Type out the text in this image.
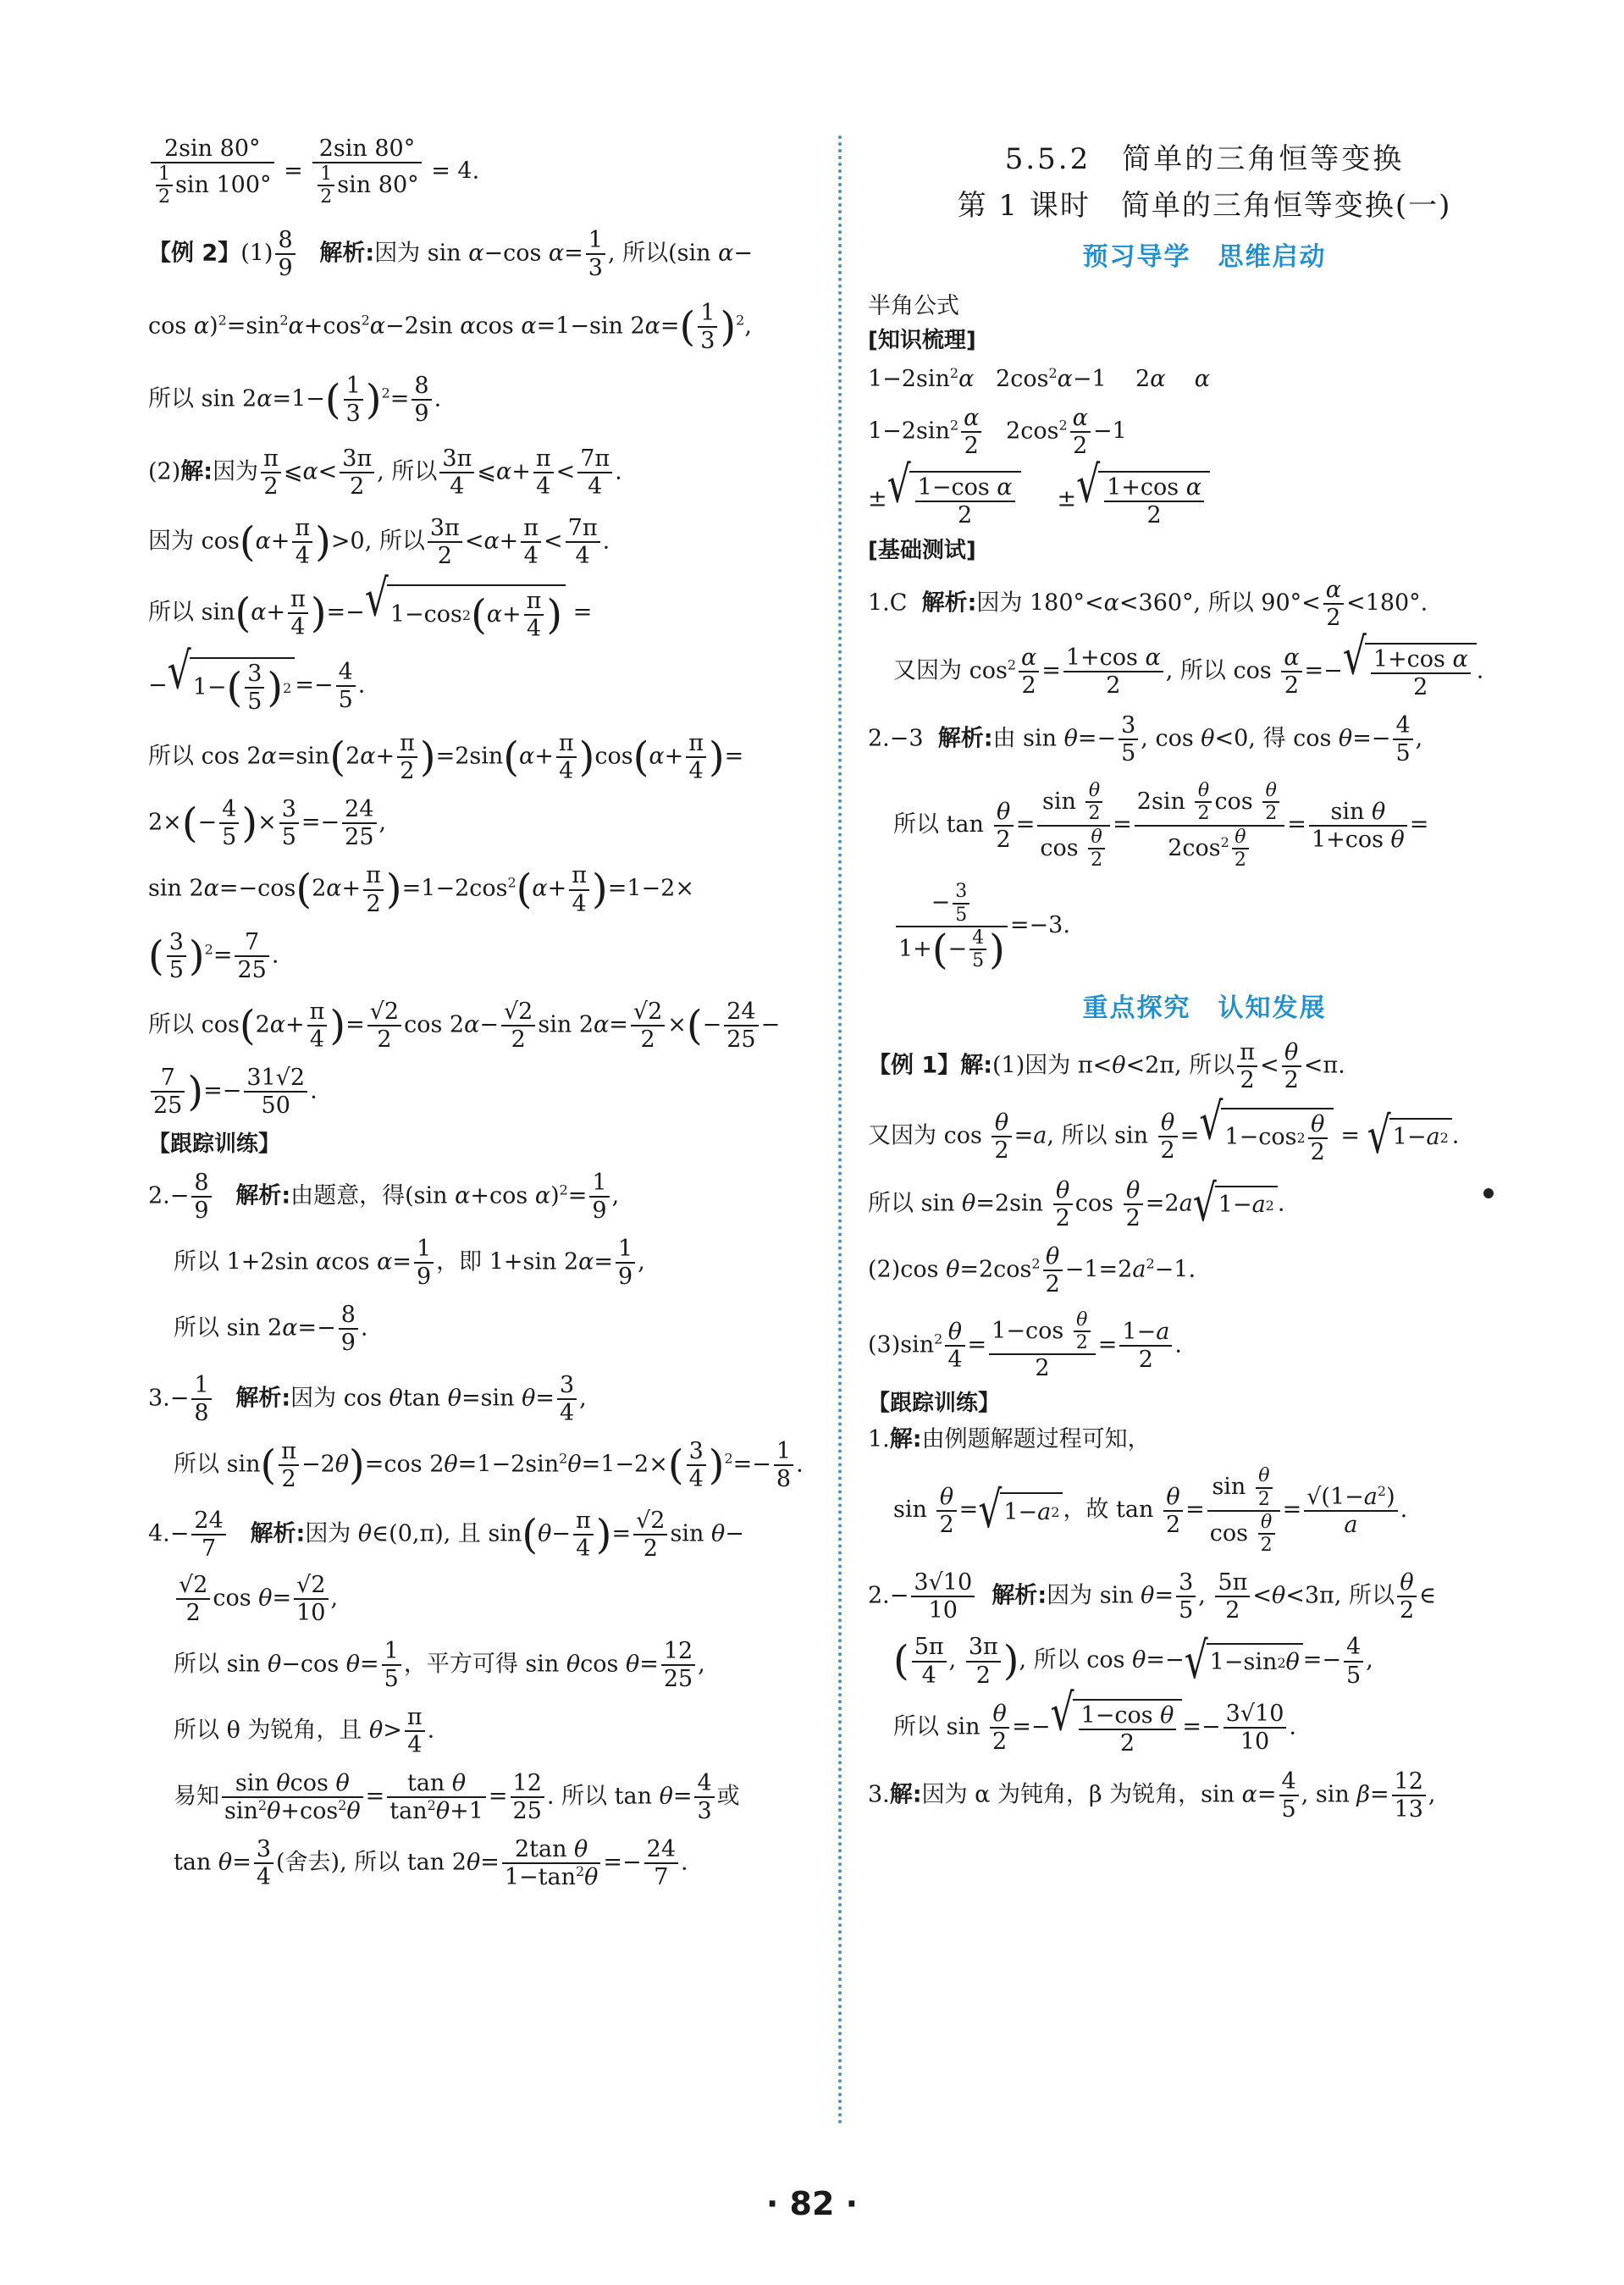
$\frac{2\sin 80^\circ}{\frac{1}{2} \sin 100^\circ} = \frac{2\sin 80^\circ}{\frac{1}{2} \sin 80^\circ} = 4$.
【例 2】$(1) \frac{8}{9}$ 解析:因为 sin α−cos $\alpha= \frac{1}{3}$ , 所以(sin α−
$\cos \alpha)^2=\sin^2\alpha+\cos^2\alpha-2\sin$ αcos α=1−sin $2\alpha=( \frac{1}{3} )^2$,
所以 $\sin 2\alpha=1-( \frac{1}{3} )^2= \frac{8}{9}$ .
(2)解:因为 $\frac{\pi}{2}$ ⩽α< $\frac{3\pi}{2}$ , 所以 $\frac{3\pi}{4}$ ⩽α+ $\frac{\pi}{4} < \frac{7\pi}{4}$ .
因为 $\cos(\alpha+ \frac{\pi}{4} )>0$, 所以 $\frac{3\pi}{2} <\alpha+ \frac{\pi}{4} < \frac{7\pi}{4}$ .
所以 $\sin(\alpha+ \frac{\pi}{4}$ )=− √ 1−cos 2 ( α +
π
4 ) =
− √ 1− ( 3
5 ) $2 =- \frac{4}{5}$ .
所以 $\cos 2\alpha=\sin(2\alpha+ \frac{\pi}{2} )=2\sin(\alpha+ \frac{\pi}{4} )\cos(\alpha+ \frac{\pi}{4}$ )=
$2\times(- \frac{4}{5}$ )× $\frac{3}{5} =- \frac{24}{25}$ ,
$\sin 2\alpha=-\cos(2\alpha+ \frac{\pi}{2} )=1-2\cos^2(\alpha+ \frac{\pi}{4} )=1-2\times$
( $\frac{3}{5} )^2= \frac{7}{25}$ .
所以 $\cos(2\alpha+ \frac{\pi}{4}$ )= $\frac{√2}{2}$ $\cos 2\alpha- \frac{√2}{2}$ $\sin 2\alpha= \frac{√2}{2}$ ×(− $\frac{24}{25}$ −
$\frac{7}{25}$ )=− $\frac{31√2}{50}$ .
【跟踪训练】
$2.- \frac{8}{9}$ 解析:由题意，得(sin α+cos $\alpha)^2= \frac{1}{9}$ ,
所以 1+2sin αcos $\alpha= \frac{1}{9}$ ，即 1+sin $2\alpha= \frac{1}{9}$ ,
所以 $\sin 2\alpha=- \frac{8}{9}$ .
$3.- \frac{1}{8}$ 解析:因为 cos θtan θ=sin $\theta= \frac{3}{4}$ ,
所以 $\sin( \frac{\pi}{2} -2\theta)=\cos$ $2\theta=1-2\sin^2\theta=1-2\times( \frac{3}{4} )^2=- \frac{1}{8}$ .
$4.- \frac{24}{7}$ 解析:因为 θ∈(0,π), 且 $\sin(\theta- \frac{\pi}{4}$ )= $\frac{√2}{2}$ sin θ−
$\frac{√2}{2}$ $\cos \theta= \frac{√2}{10}$ ,
所以 sin θ−cos $\theta= \frac{1}{5}$ ，平方可得 sin θcos $\theta= \frac{12}{25}$ ,
所以 θ 为锐角，且 $\theta> \frac{\pi}{4}$ .
易知 $\frac{\text{sin θcos θ}}{\sin^2\theta+\cos^2\theta} = \frac{\text{tan θ}}{\tan^2\theta+1} = \frac{12}{25}$ . 所以 $\tan \theta= \frac{4}{3}$ 或
$\tan \theta= \frac{3}{4}$ (舍去), 所以 $\tan 2\theta= \frac{\text{2tan θ}}{1-\tan^2\theta} =- \frac{24}{7}$ .

5.5.2　简单的三角恒等变换

第 1 课时　简单的三角恒等变换(一)

预习导学　思维启动

半角公式
[知识梳理]
$1-2\sin^2\alpha$   $2\cos^2\alpha-1$    2α α
$1-2\sin^2 \frac{\alpha}{2} 2\cos^2 \frac{\alpha}{2} -1$
± √ 1−cos α
2
± √ 1+cos α
2
[基础测试]
1.C 解析:因为 180°<α<360°, 所以 $90^\circ< \frac{\alpha}{2} <180^\circ$.
又因为 $\cos^2 \frac{\alpha}{2} = \frac{\text{1+cos α}}{2}$ , 所以 $\cos \frac{\alpha}{2}$ =− √ 1+cos α
2
.
2.−3 解析:由 $\sin \theta=- \frac{3}{5}$ , cos θ<0, 得 $\cos \theta=- \frac{4}{5}$ ,
所以 $\tan \frac{\theta}{2} = \frac{\sin \frac{\theta}{2}}{\cos \frac{\theta}{2}} = \frac{2\sin \frac{\theta}{2} \cos \frac{\theta}{2}}{2\cos^2 \frac{\theta}{2}} = \frac{\text{sin θ}}{\text{1+cos θ}}$ =
$\frac{- \frac{3}{5}}{1+(- \frac{4}{5} )} =-3$.

重点探究　认知发展

【例 1】解:(1)因为 π<θ<2π, 所以 $\frac{\pi}{2} < \frac{\theta}{2} <\pi$.
又因为 $\cos \frac{\theta}{2} =a$, 所以 $\sin \frac{\theta}{2}$ = √ 1−cos 2
θ
2
= √ 1− a 2 .
所以 $\sin \theta=2\sin \frac{\theta}{2}$ $\cos \frac{\theta}{2} =2a$ √ 1− a 2 .
(2)cos $\theta=2\cos^2 \frac{\theta}{2} -1=2a^2-1$.
$(3)\sin^2 \frac{\theta}{4} = \frac{1-\cos \frac{\theta}{2}}{2} = \frac{1-a}{2}$ .
【跟踪训练】
1.解:由例题解题过程可知，
$\sin \frac{\theta}{2}$ = √ 1− a 2 ，故 $\tan \frac{\theta}{2} = \frac{\sin \frac{\theta}{2}}{\cos \frac{\theta}{2}} = \frac{√(1-a^2)}{a}$ .
$2.- \frac{3√10}{10}$ 解析:因为 $\sin \theta= \frac{3}{5}$ , $\frac{5\pi}{2} <\theta<3\pi$, 所以 $\frac{\theta}{2}$ ∈
( $\frac{5\pi}{4}$ , $\frac{3\pi}{2}$ ), 所以 cos θ=− √ 1−sin 2 $\theta =- \frac{4}{5}$ ,
所以 $\sin \frac{\theta}{2}$ =− √ 1−cos θ
2
=− $\frac{3√10}{10}$ .
3.解:因为 α 为钝角，β 为锐角，$\sin \alpha= \frac{4}{5}$ , $\sin \beta= \frac{12}{13}$ ,
· 82 ·
